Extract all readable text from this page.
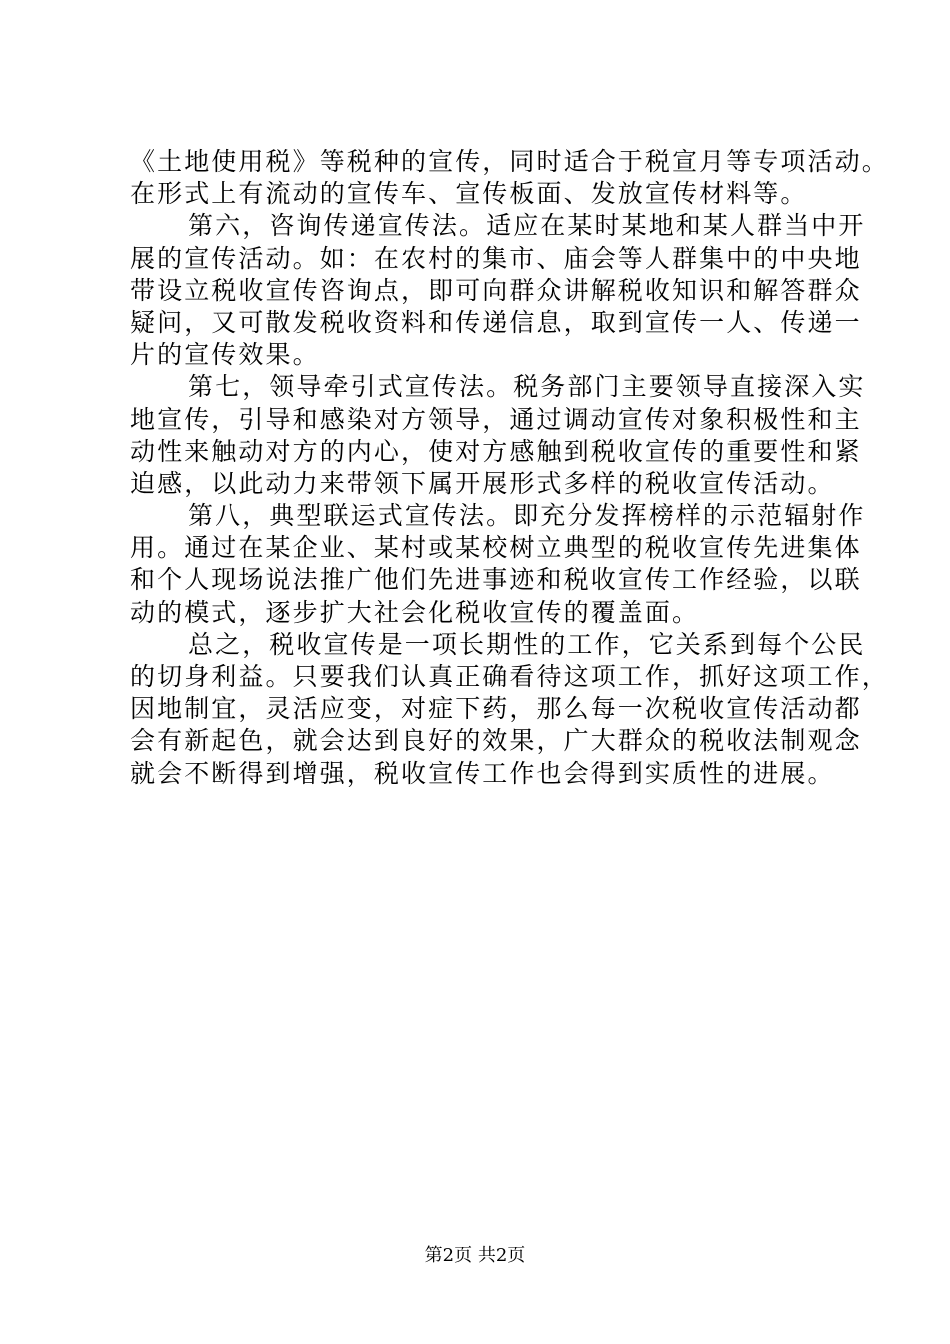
《土地使用税》等税种的宣传，同时适合于税宣月等专项活动。
在形式上有流动的宣传车、宣传板面、发放宣传材料等。
第六，咨询传递宣传法。适应在某时某地和某人群当中开
展的宣传活动。如：在农村的集市、庙会等人群集中的中央地
带设立税收宣传咨询点，即可向群众讲解税收知识和解答群众
疑问，又可散发税收资料和传递信息，取到宣传一人、传递一
片的宣传效果。
第七，领导牵引式宣传法。税务部门主要领导直接深入实
地宣传，引导和感染对方领导，通过调动宣传对象积极性和主
动性来触动对方的内心，使对方感触到税收宣传的重要性和紧
迫感，以此动力来带领下属开展形式多样的税收宣传活动。
第八，典型联运式宣传法。即充分发挥榜样的示范辐射作
用。通过在某企业、某村或某校树立典型的税收宣传先进集体
和个人现场说法推广他们先进事迹和税收宣传工作经验，以联
动的模式，逐步扩大社会化税收宣传的覆盖面。
总之，税收宣传是一项长期性的工作，它关系到每个公民
的切身利益。只要我们认真正确看待这项工作，抓好这项工作，
因地制宜，灵活应变，对症下药，那么每一次税收宣传活动都
会有新起色，就会达到良好的效果，广大群众的税收法制观念
就会不断得到增强，税收宣传工作也会得到实质性的进展。
第2页 共2页
